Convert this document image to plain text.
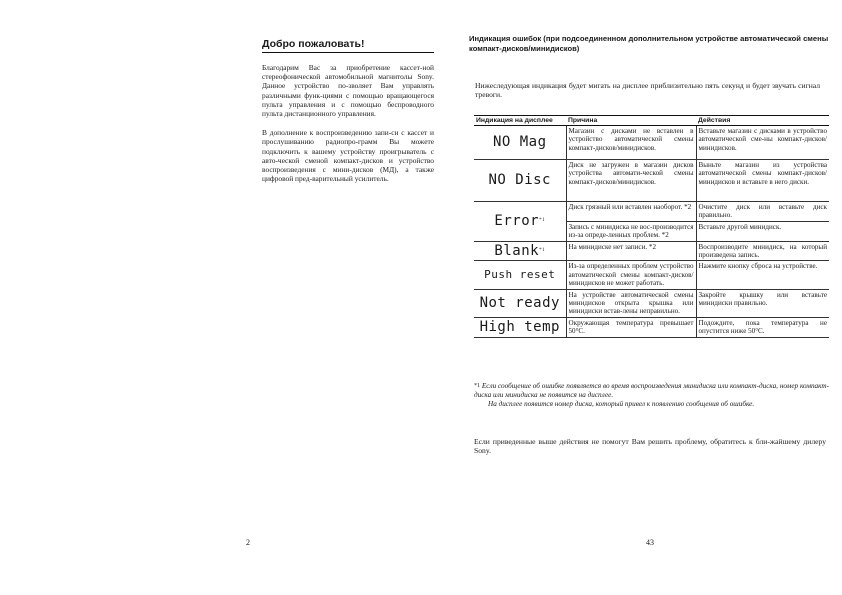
Добро пожаловать!

Благодарим Вас за приобретение кассет-ной стереофонической автомобильной магнитолы Sony. Данное устройство по-зволяет Вам управлять различными функ-циями с помощью вращающегося пульта управления и с помощью беспроводного пульта дистанционного управления.

В дополнение к воспроизведению запи-си с кассет и прослушиванию радиопро-грамм Вы можете подключить к вашему устройству проигрыватель с авто-ческой сменой компакт-дисков и устройство воспроизведения с мини-дисков (МД), а также цифровой пред-варительный усилитель.

Индикация ошибок (при подсоединенном дополнительном устройстве автоматической смены компакт-дисков/минидисков)

Нижеследующая индикация будет мигать на дисплее приблизительно пять секунд и будет звучать сигнал тревоги.

Индикация на дисплее	Причина	Действия
NO Mag	Магазин с дисками не вставлен в устройство автоматической смены компакт-дисков/минидисков.	Вставьте магазин с дисками в устройство автоматической сме-ны компакт-дисков/минидисков.
NO Disc	Диск не загружен в магазин дисков устройства автомати-ческой смены компакт-дисков/минидисков.	Выньте магазин из устройства автоматической смены компакт-дисков/минидисков и вставьте в него диски.
Error$^{*1}$	Диск грязный или вставлен наоборот. *2	Очистите диск или вставьте диск правильно.
	Запись с минидиска не вос-производится из-за опреде-ленных проблем. *2	Вставьте другой минидиск.
Blank$^{*1}$	На минидиске нет записи. *2	Воспроизводите минидиск, на который произведена запись.
Push reset	Из-за определенных проблем устройство автоматической смены компакт-дисков/минидисков не может работать.	Нажмите кнопку сброса на устройстве.
Not ready	На устройстве автоматической смены минидисков открыта крышка или минидиски встав-лены неправильно.	Закройте крышку или вставьте минидиски правильно.
High temp	Окружающая температура превышает 50°C.	Подождите, пока температура не опустится ниже 50°C.

$^{*1}$ Если сообщение об ошибке появляется во время воспроизведения минидиска или компакт-диска, номер компакт-диска или минидиска не появится на дисплее.

На дисплее появится номер диска, который привел к появлению сообщения об ошибке.

Если приведенные выше действия не помогут Вам решить проблему, обратитесь к бли-жайшему дилеру Sony.
2	43
